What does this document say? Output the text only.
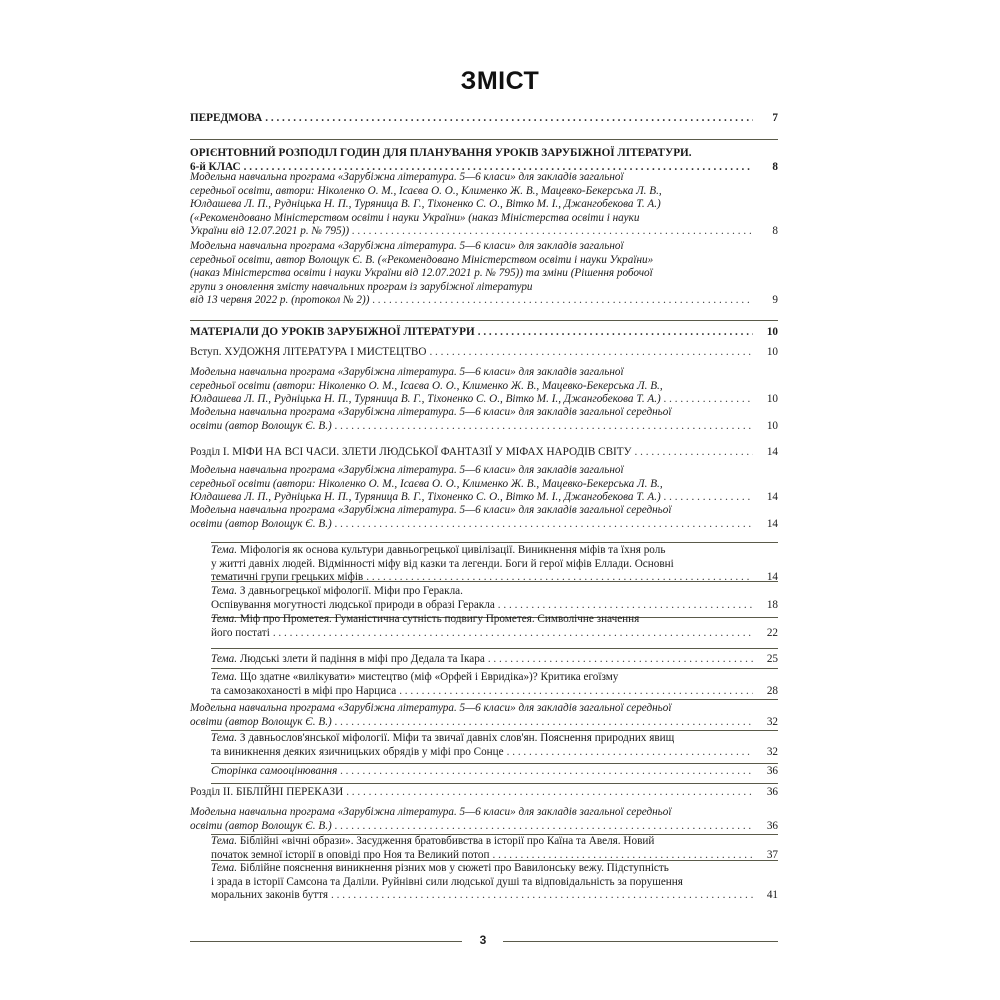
ЗМІСТ
ПЕРЕДМОВА . . .	7
ОРІЄНТОВНИЙ РОЗПОДІЛ ГОДИН ДЛЯ ПЛАНУВАННЯ УРОКІВ ЗАРУБІЖНОЇ ЛІТЕРАТУРИ.
6-й КЛАС . . .	8
Модельна навчальна програма «Зарубіжна література. 5—6 класи» для закладів загальної
середньої освіти, автори: Ніколенко О. М., Ісаєва О. О., Клименко Ж. В., Мацевко-Бекерська Л. В.,
Юлдашева Л. П., Рудніцька Н. П., Туряница В. Г., Тіхоненко С. О., Вітко М. І., Джангобекова Т. А.)
(«Рекомендовано Міністерством освіти і науки України» (наказ Міністерства освіти і науки
України від 12.07.2021 р. № 795)) . . .	8
Модельна навчальна програма «Зарубіжна література. 5—6 класи» для закладів загальної
середньої освіти, автор Волощук Є. В. («Рекомендовано Міністерством освіти і науки України»
(наказ Міністерства освіти і науки України від 12.07.2021 р. № 795)) та зміни (Рішення робочої
групи з оновлення змісту навчальних програм із зарубіжної літератури
від 13 червня 2022 р. (протокол № 2)) . . .	9
МАТЕРІАЛИ ДО УРОКІВ ЗАРУБІЖНОЇ ЛІТЕРАТУРИ . . .	10
Вступ. ХУДОЖНЯ ЛІТЕРАТУРА І МИСТЕЦТВО . . .	10
Модельна навчальна програма «Зарубіжна література. 5—6 класи» для закладів загальної
середньої освіти (автори: Ніколенко О. М., Ісаєва О. О., Клименко Ж. В., Мацевко-Бекерська Л. В.,
Юлдашева Л. П., Рудніцька Н. П., Туряница В. Г., Тіхоненко С. О., Вітко М. І., Джангобекова Т. А.) . . .	10
Модельна навчальна програма «Зарубіжна література. 5—6 класи» для закладів загальної середньої
освіти (автор Волощук Є. В.) . . .	10
Розділ І. МІФИ НА ВСІ ЧАСИ. ЗЛЕТИ ЛЮДСЬКОЇ ФАНТАЗІЇ У МІФАХ НАРОДІВ СВІТУ . . .	14
Модельна навчальна програма «Зарубіжна література. 5—6 класи» для закладів загальної
середньої освіти (автори: Ніколенко О. М., Ісаєва О. О., Клименко Ж. В., Мацевко-Бекерська Л. В.,
Юлдашева Л. П., Рудніцька Н. П., Туряница В. Г., Тіхоненко С. О., Вітко М. І., Джангобекова Т. А.) . . .	14
Модельна навчальна програма «Зарубіжна література. 5—6 класи» для закладів загальної середньої
освіти (автор Волощук Є. В.) . . .	14
Тема. Міфологія як основа культури давньогрецької цивілізації. Виникнення міфів та їхня роль
у житті давніх людей. Відмінності міфу від казки та легенди. Боги й герої міфів Еллади. Основні
тематичні групи грецьких міфів . . .	14
Тема. З давньогрецької міфології. Міфи про Геракла.
Оспівування могутності людської природи в образі Геракла . . .	18
Тема. Міф про Прометея. Гуманістична сутність подвигу Прометея. Символічне значення
його постаті . . .	22
Тема. Людські злети й падіння в міфі про Дедала та Ікара . . .	25
Тема. Що здатне «вилікувати» мистецтво (міф «Орфей і Евридіка»)? Критика егоїзму
та самозакоханості в міфі про Нарциса . . .	28
Модельна навчальна програма «Зарубіжна література. 5—6 класи» для закладів загальної середньої
освіти (автор Волощук Є. В.) . . .	32
Тема. З давньослов'янської міфології. Міфи та звичаї давніх слов'ян. Пояснення природних явищ
та виникнення деяких язичницьких обрядів у міфі про Сонце . . .	32
Сторінка самооцінювання . . .	36
Розділ ІІ. БІБЛІЙНІ ПЕРЕКАЗИ . . .	36
Модельна навчальна програма «Зарубіжна література. 5—6 класи» для закладів загальної середньої
освіти (автор Волощук Є. В.) . . .	36
Тема. Біблійні «вічні образи». Засудження братовбивства в історії про Каїна та Авеля. Новий
початок земної історії в оповіді про Ноя та Великий потоп . . .	37
Тема. Біблійне пояснення виникнення різних мов у сюжеті про Вавилонську вежу. Підступність
і зрада в історії Самсона та Даліли. Руйнівні сили людської душі та відповідальність за порушення
моральних законів буття . . .	41
3
